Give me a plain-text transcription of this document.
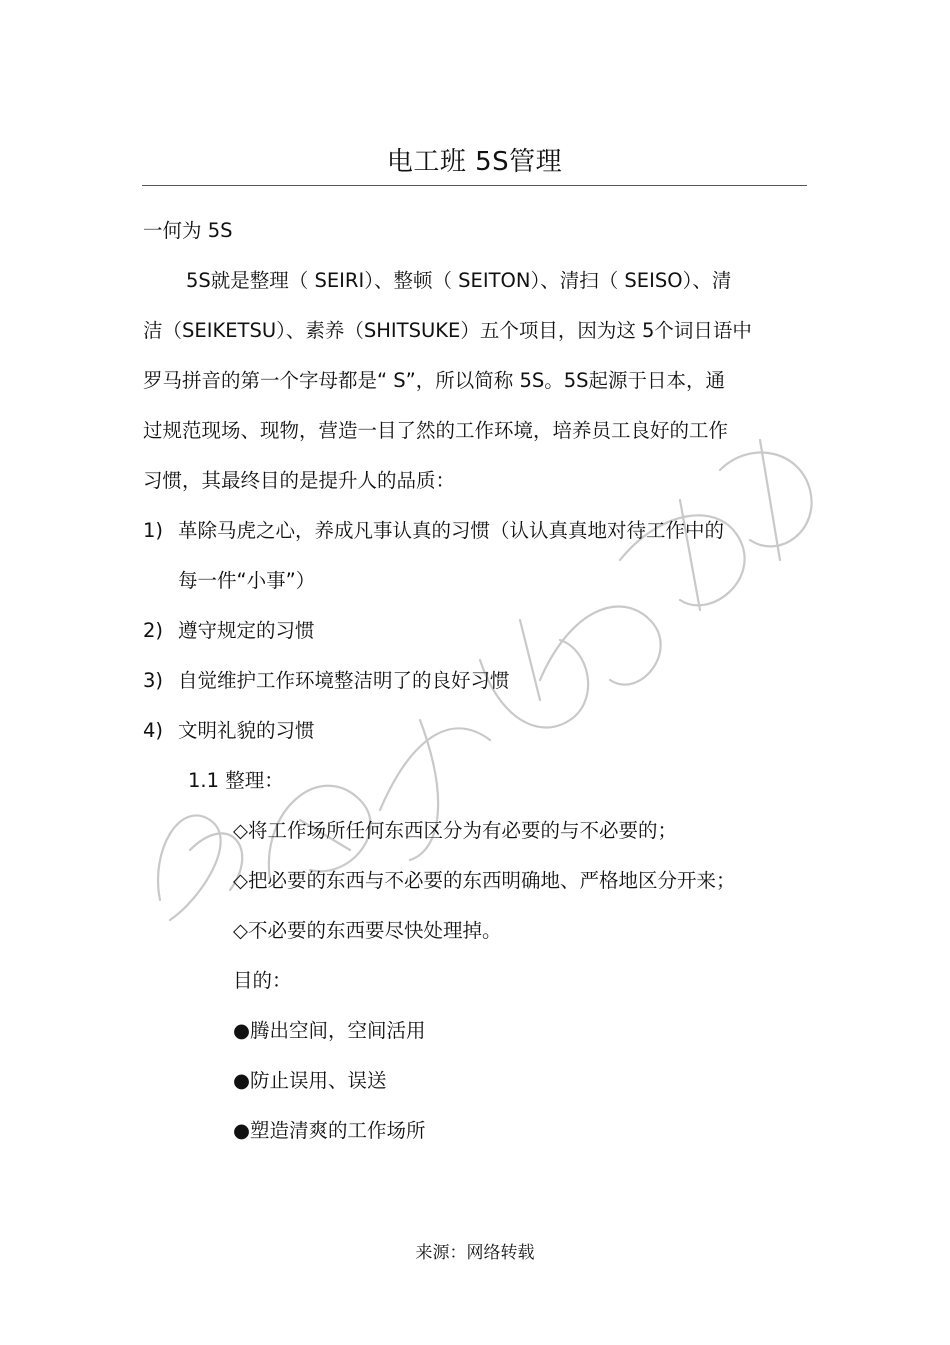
电工班 5S管理
一何为 5S
5S就是整理（ SEIRI）、整顿（ SEITON）、清扫（ SEISO）、清
洁（SEIKETSU）、素养（SHITSUKE）五个项目，因为这 5个词日语中
罗马拼音的第一个字母都是“ S”，所以简称 5S。5S起源于日本，通
过规范现场、现物，营造一目了然的工作环境，培养员工良好的工作
习惯，其最终目的是提升人的品质：
1) 革除马虎之心，养成凡事认真的习惯（认认真真地对待工作中的
每一件“小事”）
2) 遵守规定的习惯
3) 自觉维护工作环境整洁明了的良好习惯
4) 文明礼貌的习惯
1.1 整理：
◇将工作场所任何东西区分为有必要的与不必要的；
◇把必要的东西与不必要的东西明确地、严格地区分开来；
◇不必要的东西要尽快处理掉。
目的：
●腾出空间，空间活用
●防止误用、误送
●塑造清爽的工作场所
来源：网络转载
